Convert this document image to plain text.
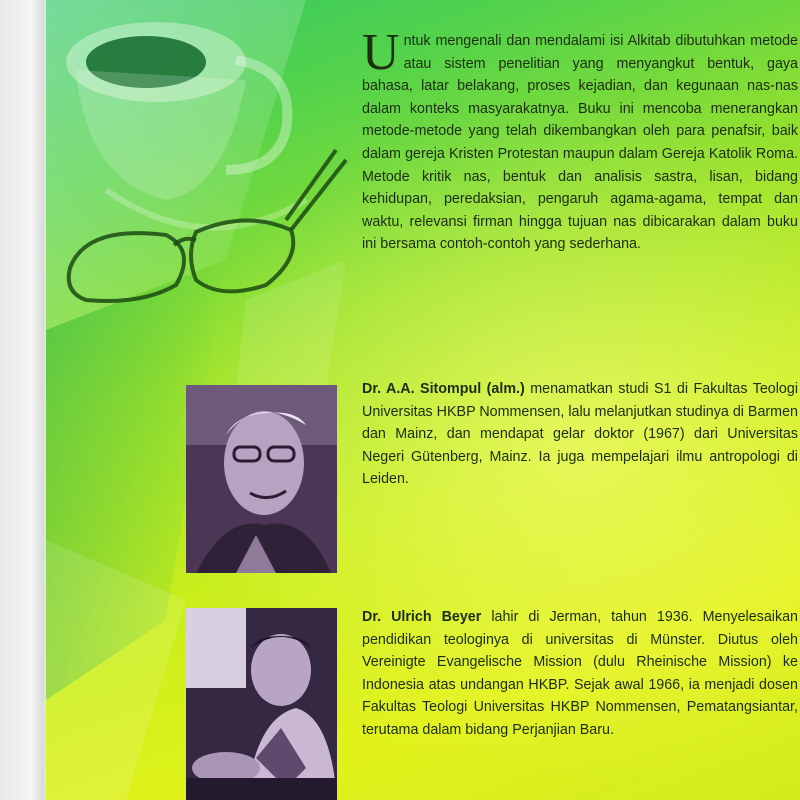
Untuk mengenali dan mendalami isi Alkitab dibutuhkan metode atau sistem penelitian yang menyangkut bentuk, gaya bahasa, latar belakang, proses kejadian, dan kegunaan nas-nas dalam konteks masyarakatnya. Buku ini mencoba menerangkan metode-metode yang telah dikembangkan oleh para penafsir, baik dalam gereja Kristen Protestan maupun dalam Gereja Katolik Roma. Metode kritik nas, bentuk dan analisis sastra, lisan, bidang kehidupan, peredaksian, pengaruh agama-agama, tempat dan waktu, relevansi firman hingga tujuan nas dibicarakan dalam buku ini bersama contoh-contoh yang sederhana.

Dr. A.A. Sitompul (alm.) menamatkan studi S1 di Fakultas Teologi Universitas HKBP Nommensen, lalu melanjutkan studinya di Barmen dan Mainz, dan mendapat gelar doktor (1967) dari Universitas Negeri Gütenberg, Mainz. Ia juga mempelajari ilmu antropologi di Leiden.

Dr. Ulrich Beyer lahir di Jerman, tahun 1936. Menyelesaikan pendidikan teologinya di universitas di Münster. Diutus oleh Vereinigte Evangelische Mission (dulu Rheinische Mission) ke Indonesia atas undangan HKBP. Sejak awal 1966, ia menjadi dosen Fakultas Teologi Universitas HKBP Nommensen, Pematangsiantar, terutama dalam bidang Perjanjian Baru.
